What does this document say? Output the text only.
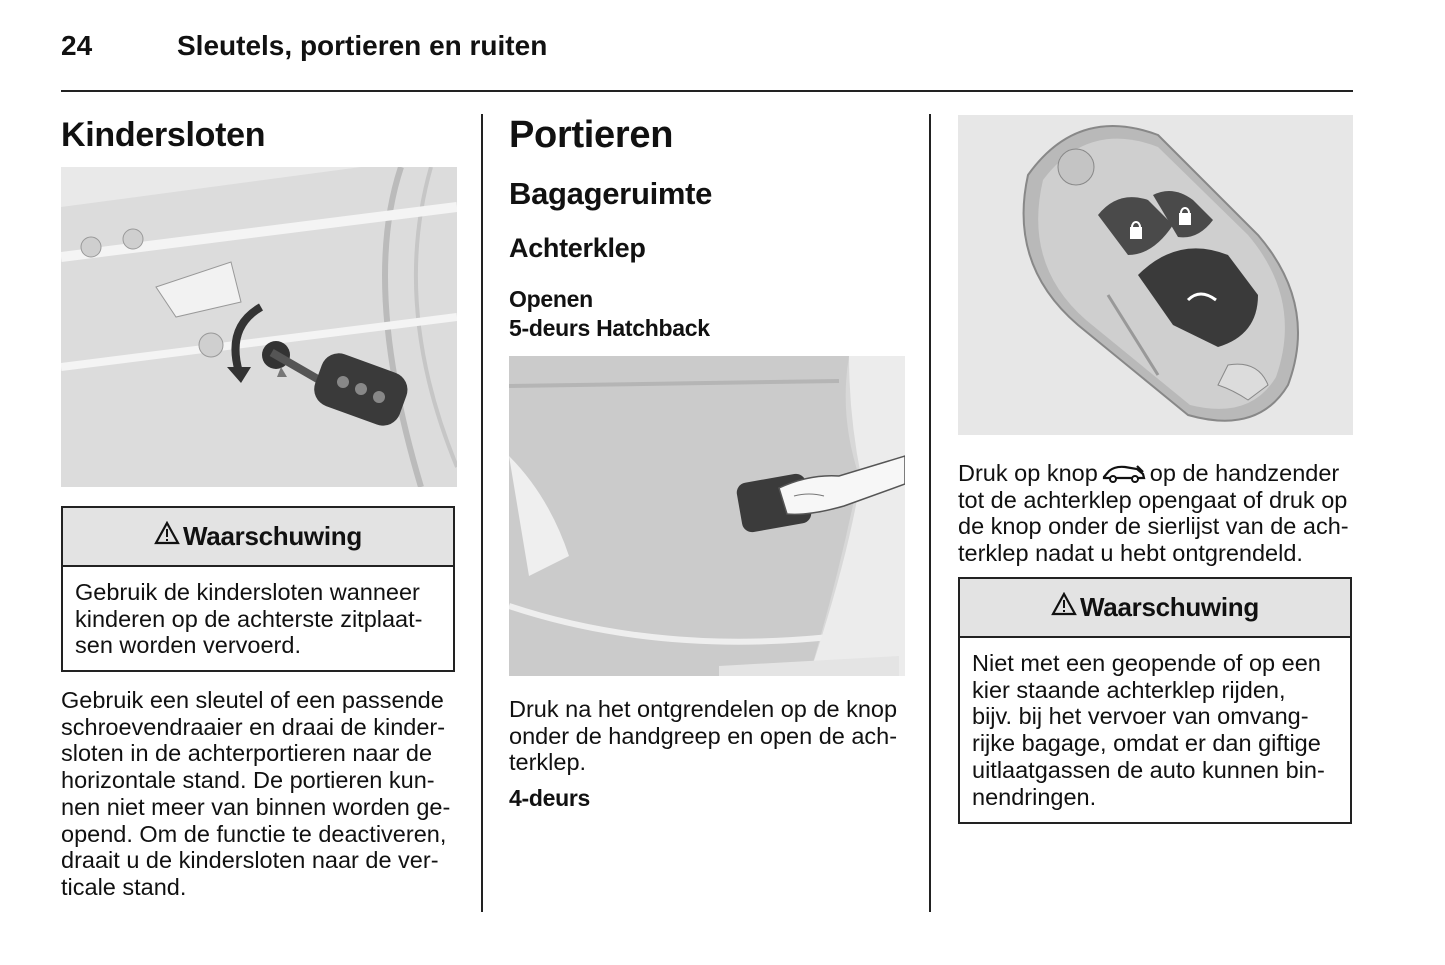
24	Sleutels, portieren en ruiten
Kindersloten
Waarschuwing
Gebruik de kindersloten wanneer
kinderen op de achterste zitplaat-
sen worden vervoerd.
Gebruik een sleutel of een passende
schroevendraaier en draai de kinder-
sloten in de achterportieren naar de
horizontale stand. De portieren kun-
nen niet meer van binnen worden ge-
opend. Om de functie te deactiveren,
draait u de kindersloten naar de ver-
ticale stand.
Portieren
Bagageruimte
Achterklep
Openen
5-deurs Hatchback
Druk na het ontgrendelen op de knop
onder de handgreep en open de ach-
terklep.
4-deurs
Druk op knop op de handzender
tot de achterklep opengaat of druk op
de knop onder de sierlijst van de ach-
terklep nadat u hebt ontgrendeld.
Waarschuwing
Niet met een geopende of op een
kier staande achterklep rijden,
bijv. bij het vervoer van omvang-
rijke bagage, omdat er dan giftige
uitlaatgassen de auto kunnen bin-
nendringen.
